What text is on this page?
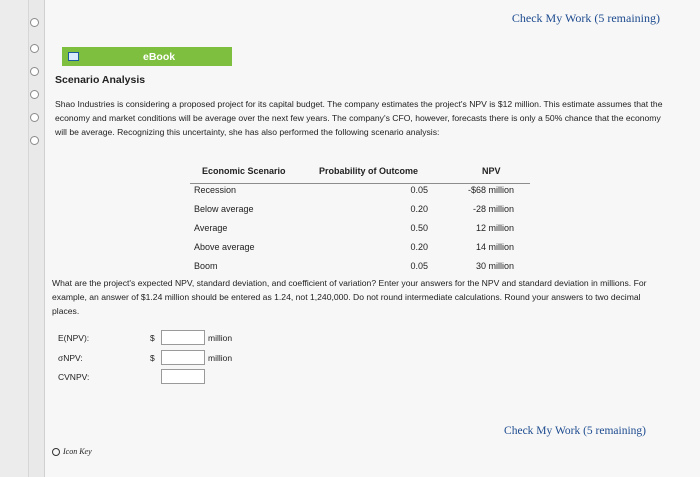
Check My Work (5 remaining)
eBook
Scenario Analysis
Shao Industries is considering a proposed project for its capital budget. The company estimates the project's NPV is $12 million. This estimate assumes that the economy and market conditions will be average over the next few years. The company's CFO, however, forecasts there is only a 50% chance that the economy will be average. Recognizing this uncertainty, she has also performed the following scenario analysis:
Economic Scenario	Probability of Outcome	NPV
Recession	0.05	-$68 million
Below average	0.20	-28 million
Average	0.50	12 million
Above average	0.20	14 million
Boom	0.05	30 million
What are the project's expected NPV, standard deviation, and coefficient of variation? Enter your answers for the NPV and standard deviation in millions. For example, an answer of $1.24 million should be entered as 1.24, not 1,240,000. Do not round intermediate calculations. Round your answers to two decimal places.
E(NPV):	$	million
σNPV:	$	million
CVNPV:
Check My Work (5 remaining)
Icon Key
